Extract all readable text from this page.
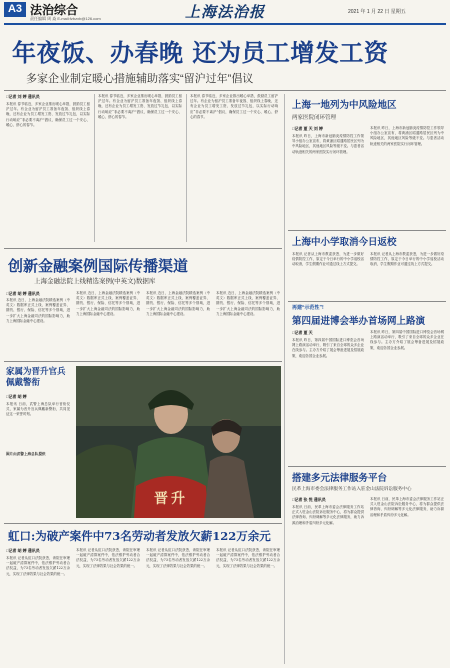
A3 法治综合
责任编辑 周 焱 E-mail:fzbzxb@126.com	上海法治报	2021 年 1 月 22 日 星期五
年夜饭、办春晚 还为员工增发工资
多家企业制定暖心措施辅助落实“留沪过年”倡议
□记者 刘 婷 通讯员
本报讯 春节临近，多家企业推出暖心举措，鼓励员工留沪过年。有企业为留沪员工准备年夜饭、组织线上春晚，还有企业为员工增发工资、发放过节礼包，以实际行动响应“非必要不离沪”倡议，确保员工过一个安心、暖心、舒心的春节。
本报讯 春节临近，多家企业推出暖心举措，鼓励员工留沪过年。有企业为留沪员工准备年夜饭、组织线上春晚，还有企业为员工增发工资、发放过节礼包，以实际行动响应“非必要不离沪”倡议，确保员工过一个安心、暖心、舒心的春节。
本报讯 春节临近，多家企业推出暖心举措，鼓励员工留沪过年。有企业为留沪员工准备年夜饭、组织线上春晚，还有企业为员工增发工资、发放过节礼包，以实际行动响应“非必要不离沪”倡议，确保员工过一个安心、暖心、舒心的春节。
创新金融案例国际传播渠道
上海金融法院上线精选案例(中英文)数据库
□记者 胡 婷 通讯员
本报讯 近日，上海金融法院精选案例（中英文）数据库正式上线，案例覆盖证券、期货、银行、保险、信托等多个领域，进一步扩大上海金融司法的国际影响力，助力上海国际金融中心建设。
本报讯 近日，上海金融法院精选案例（中英文）数据库正式上线，案例覆盖证券、期货、银行、保险、信托等多个领域，进一步扩大上海金融司法的国际影响力，助力上海国际金融中心建设。
本报讯 近日，上海金融法院精选案例（中英文）数据库正式上线，案例覆盖证券、期货、银行、保险、信托等多个领域，进一步扩大上海金融司法的国际影响力，助力上海国际金融中心建设。
本报讯 近日，上海金融法院精选案例（中英文）数据库正式上线，案例覆盖证券、期货、银行、保险、信托等多个领域，进一步扩大上海金融司法的国际影响力，助力上海国际金融中心建设。
家属为晋升官兵佩戴警衔
□记者 胡 婷
本报讯 日前，武警上海总队举行晋衔仪式，家属为晋升官兵佩戴新警衔，共同见证这一荣誉时刻。
图片由武警上海总队提供
晋升
虹口:为破产案件中73名劳动者发放欠薪122万余元
□记者 胡 婷 通讯员
本报讯 记者从虹口法院获悉，该院在审理一起破产清算案件中，依法维护劳动者合法权益，为73名劳动者发放欠薪122万余元，实现了法律效果与社会效果的统一。
本报讯 记者从虹口法院获悉，该院在审理一起破产清算案件中，依法维护劳动者合法权益，为73名劳动者发放欠薪122万余元，实现了法律效果与社会效果的统一。
本报讯 记者从虹口法院获悉，该院在审理一起破产清算案件中，依法维护劳动者合法权益，为73名劳动者发放欠薪122万余元，实现了法律效果与社会效果的统一。
本报讯 记者从虹口法院获悉，该院在审理一起破产清算案件中，依法维护劳动者合法权益，为73名劳动者发放欠薪122万余元，实现了法律效果与社会效果的统一。
上海一地列为中风险地区
两家医院闭环管理
□记者 夏 天 刘 婷
本报讯 昨日，上海市新冠肺炎疫情防控工作领导小组办公室宣布，将黄浦区昭通路居民区列为中风险地区，其他地区风险等级不变。与患者活动轨迹相关的两家医院实行闭环管理。
本报讯 昨日，上海市新冠肺炎疫情防控工作领导小组办公室宣布，将黄浦区昭通路居民区列为中风险地区，其他地区风险等级不变。与患者活动轨迹相关的两家医院实行闭环管理。
上海中小学取消今日返校
本报讯 记者从上海市教委获悉，为进一步做好疫情防控工作，原定于今日举行的中小学返校活动取消，学生假期作业可通过线上方式提交。
本报讯 记者从上海市教委获悉，为进一步做好疫情防控工作，原定于今日举行的中小学返校活动取消，学生假期作业可通过线上方式提交。
再建“示范性”!
第四届进博会举办首场网上路演
□记者 夏 天
本报讯 昨日，第四届中国国际进口博览会首场网上路演活动举行，吸引了来自全球的众多企业在线参与。主办方介绍了展会筹备进展及招展政策，欢迎各国企业参展。
本报讯 昨日，第四届中国国际进口博览会首场网上路演活动举行，吸引了来自全球的众多企业在线参与。主办方介绍了展会筹备进展及招展政策，欢迎各国企业参展。
搭建多元法律服务平台
民革上海市委会法律服务工作站入驻金山法院诉讼服务中心
□记者 张 悦 通讯员
本报讯 日前，民革上海市委会法律服务工作站正式入驻金山法院诉讼服务中心，将为群众提供法律咨询、纠纷调解等多元化法律服务，助力诉源治理和矛盾纠纷多元化解。
本报讯 日前，民革上海市委会法律服务工作站正式入驻金山法院诉讼服务中心，将为群众提供法律咨询、纠纷调解等多元化法律服务，助力诉源治理和矛盾纠纷多元化解。
